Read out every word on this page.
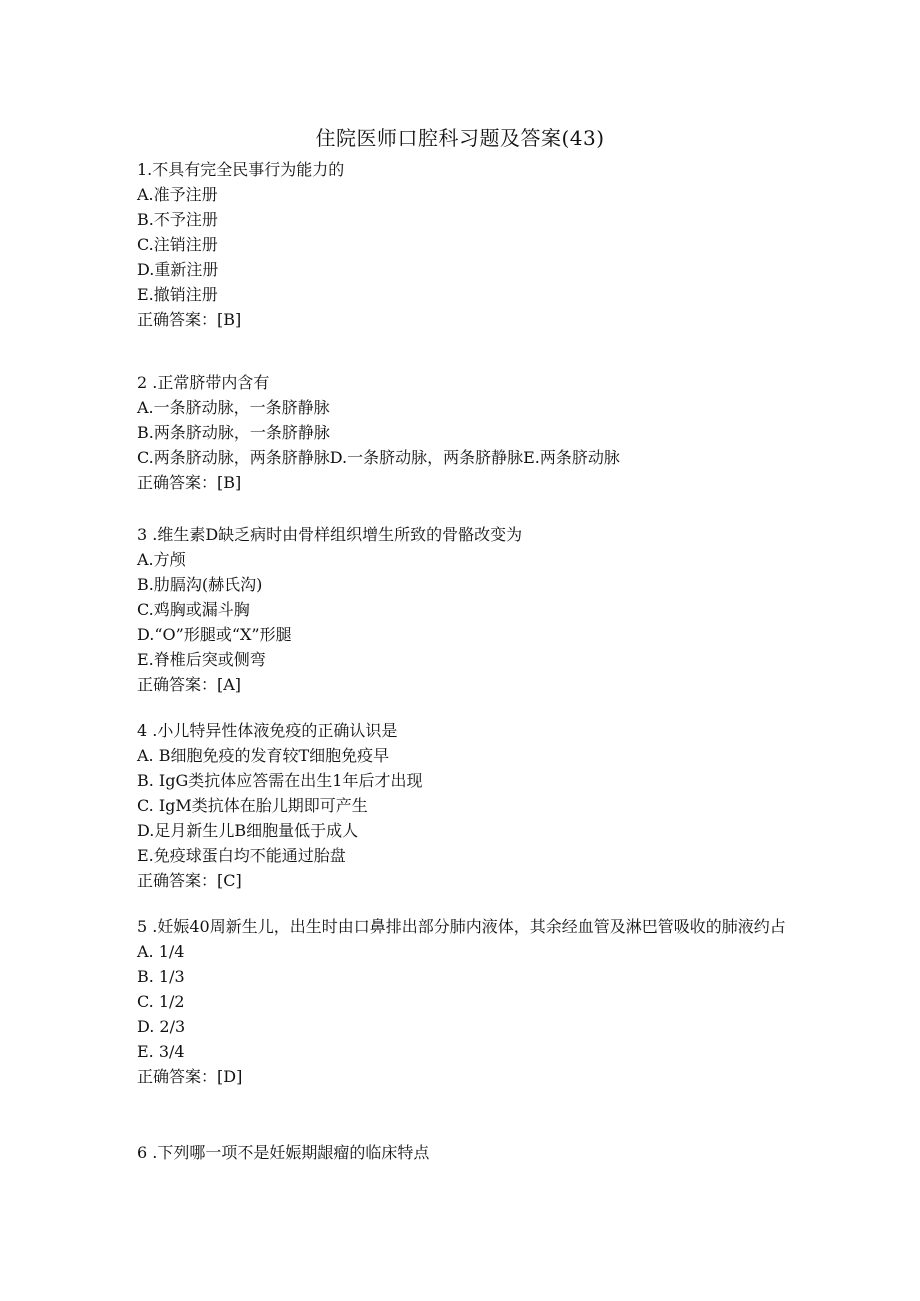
住院医师口腔科习题及答案(43)
1.不具有完全民事行为能力的
A.准予注册
B.不予注册
C.注销注册
D.重新注册
E.撤销注册
正确答案：[B]
2 .正常脐带内含有
A.一条脐动脉，一条脐静脉
B.两条脐动脉，一条脐静脉
C.两条脐动脉，两条脐静脉D.一条脐动脉，两条脐静脉E.两条脐动脉
正确答案：[B]
3 .维生素D缺乏病时由骨样组织增生所致的骨骼改变为
A.方颅
B.肋膈沟(赫氏沟)
C.鸡胸或漏斗胸
D.“O”形腿或“X”形腿
E.脊椎后突或侧弯
正确答案：[A]
4 .小儿特异性体液免疫的正确认识是
A. B细胞免疫的发育较T细胞免疫早
B. IgG类抗体应答需在出生1年后才出现
C. IgM类抗体在胎儿期即可产生
D.足月新生儿B细胞量低于成人
E.免疫球蛋白均不能通过胎盘
正确答案：[C]
5 .妊娠40周新生儿，出生时由口鼻排出部分肺内液体，其余经血管及淋巴管吸收的肺液约占
A. 1/4
B. 1/3
C. 1/2
D. 2/3
E. 3/4
正确答案：[D]
6 .下列哪一项不是妊娠期龈瘤的临床特点
